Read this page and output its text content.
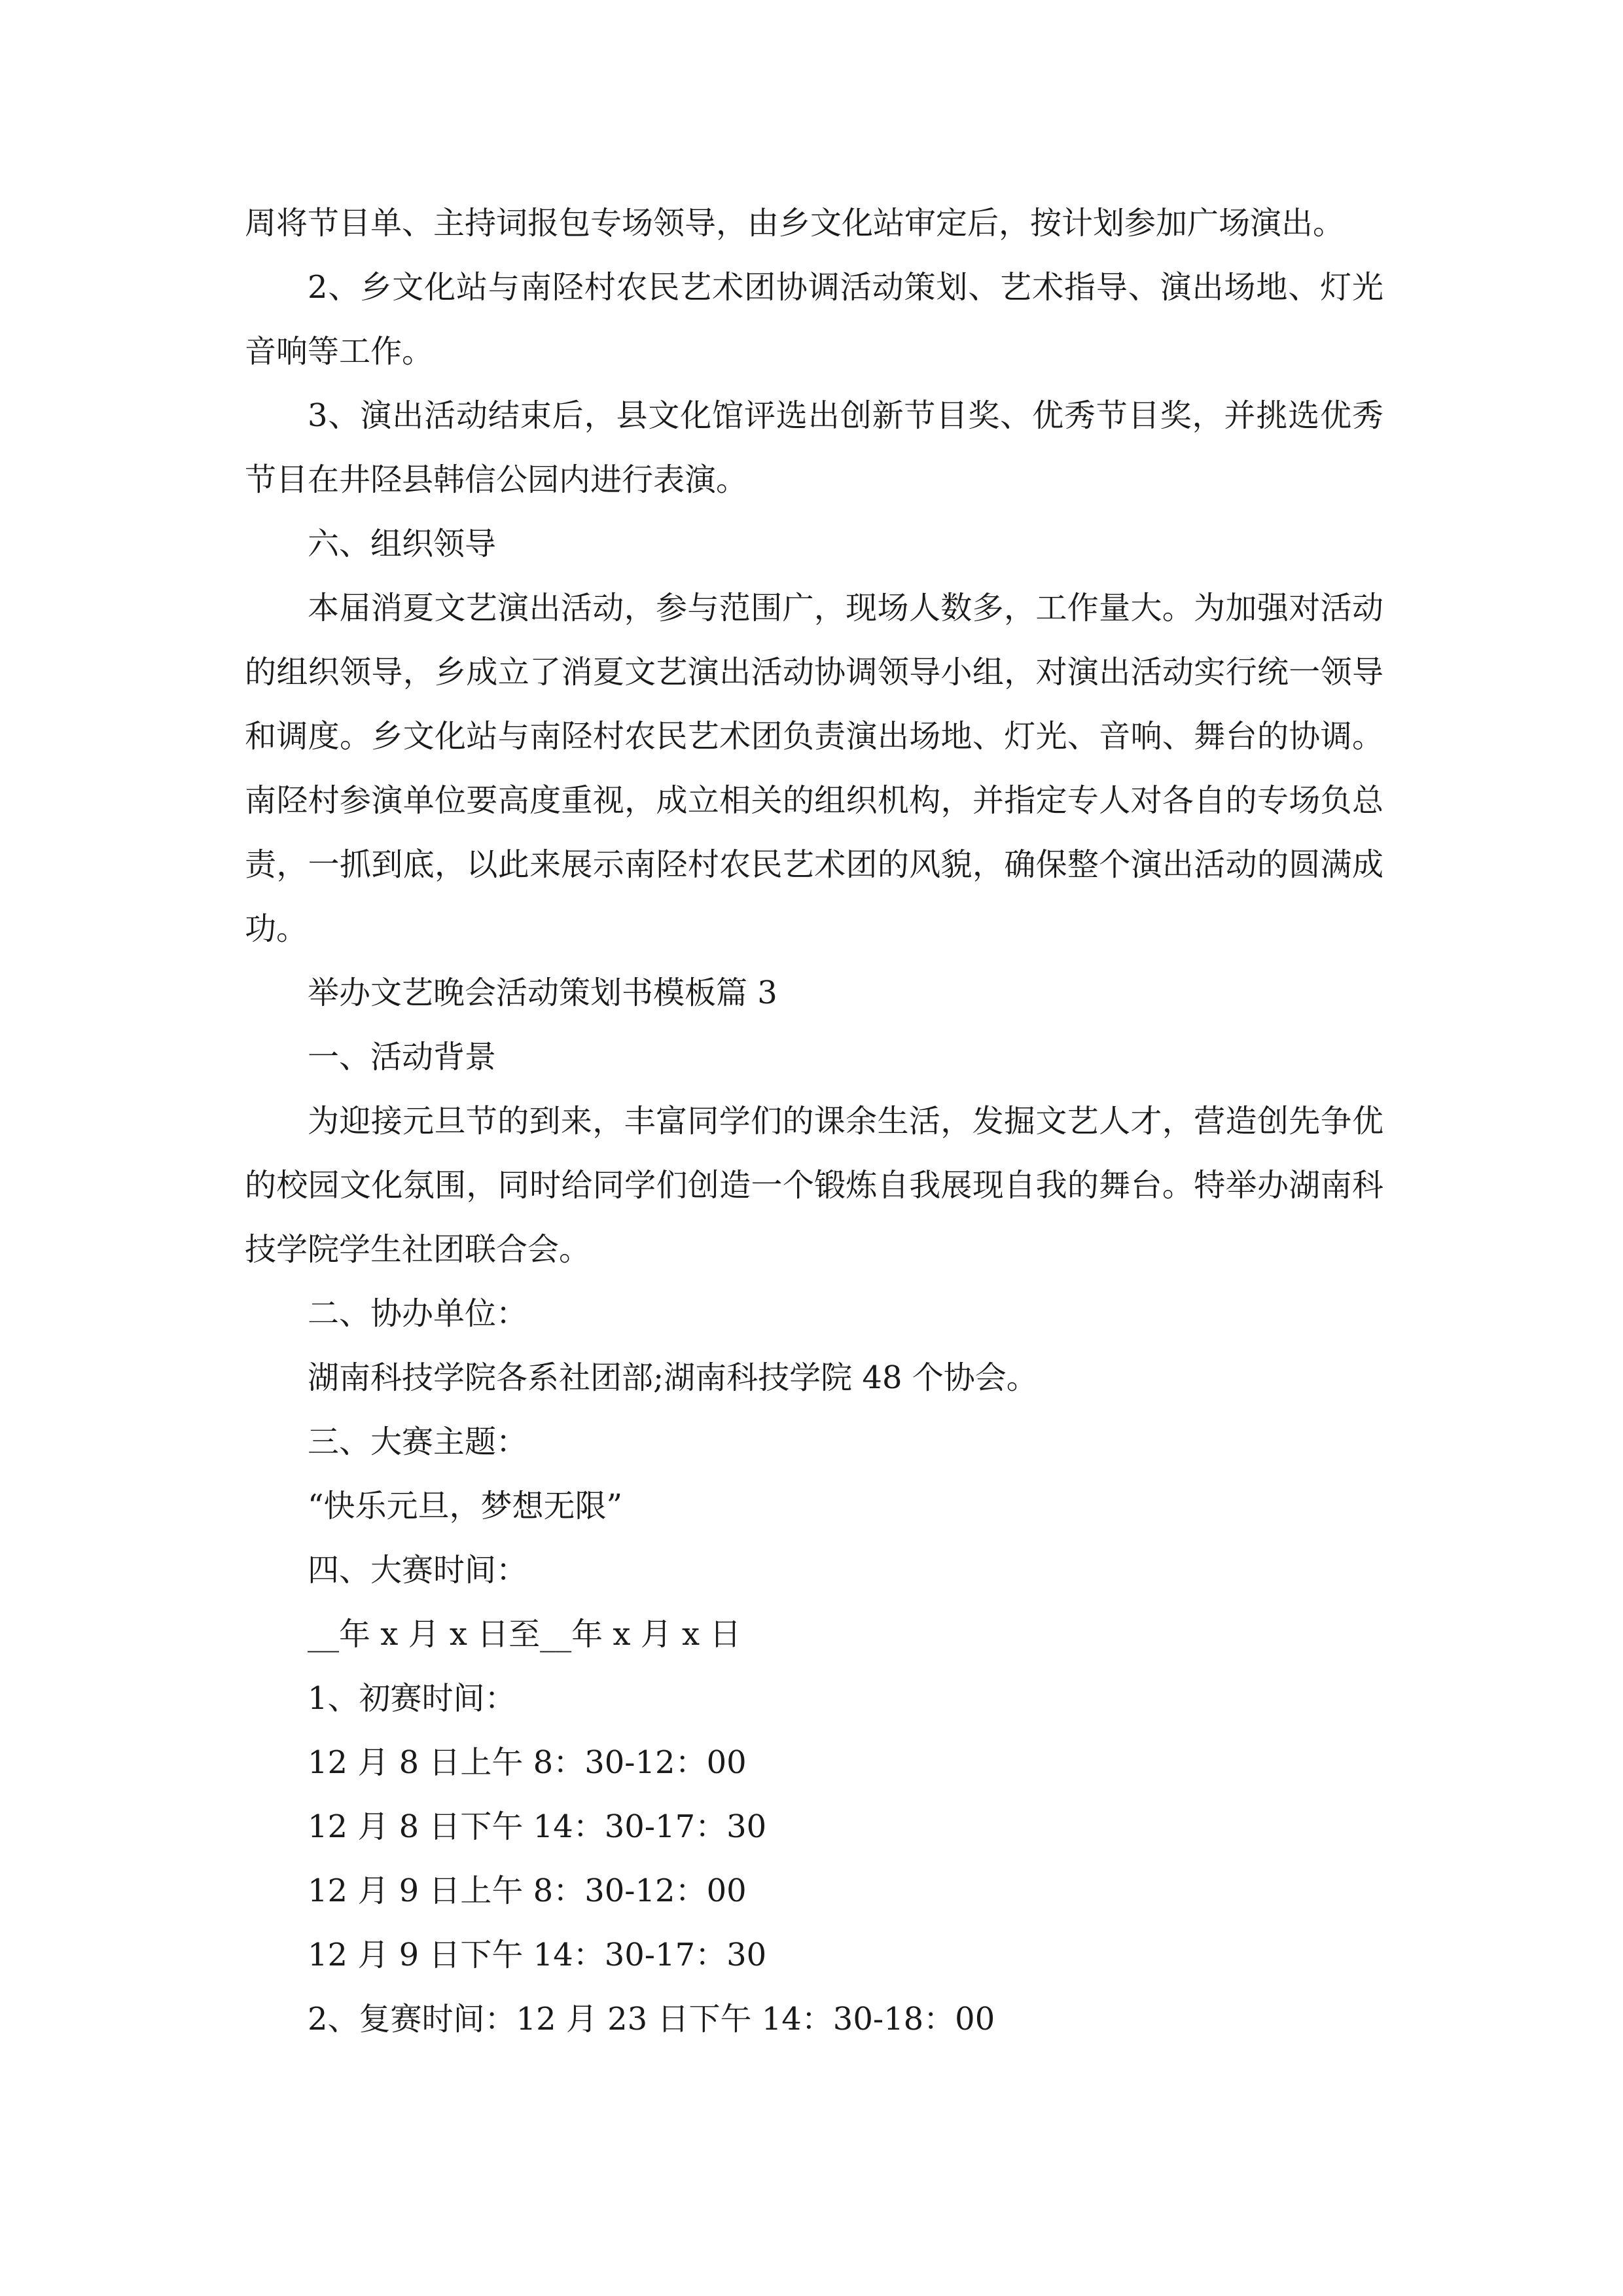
周将节目单、主持词报包专场领导，由乡文化站审定后，按计划参加广场演出。

2、乡文化站与南陉村农民艺术团协调活动策划、艺术指导、演出场地、灯光音响等工作。

3、演出活动结束后，县文化馆评选出创新节目奖、优秀节目奖，并挑选优秀节目在井陉县韩信公园内进行表演。

六、组织领导

本届消夏文艺演出活动，参与范围广，现场人数多，工作量大。为加强对活动的组织领导，乡成立了消夏文艺演出活动协调领导小组，对演出活动实行统一领导和调度。乡文化站与南陉村农民艺术团负责演出场地、灯光、音响、舞台的协调。南陉村参演单位要高度重视，成立相关的组织机构，并指定专人对各自的专场负总责，一抓到底，以此来展示南陉村农民艺术团的风貌，确保整个演出活动的圆满成功。

举办文艺晚会活动策划书模板篇 3

一、活动背景

为迎接元旦节的到来，丰富同学们的课余生活，发掘文艺人才，营造创先争优的校园文化氛围，同时给同学们创造一个锻炼自我展现自我的舞台。特举办湖南科技学院学生社团联合会。

二、协办单位：

湖南科技学院各系社团部;湖南科技学院 48 个协会。

三、大赛主题：

“快乐元旦，梦想无限”

四、大赛时间：

__年 x 月 x 日至__年 x 月 x 日

1、初赛时间：

12 月 8 日上午 8：30-12：00

12 月 8 日下午 14：30-17：30

12 月 9 日上午 8：30-12：00

12 月 9 日下午 14：30-17：30

2、复赛时间：12 月 23 日下午 14：30-18：00
